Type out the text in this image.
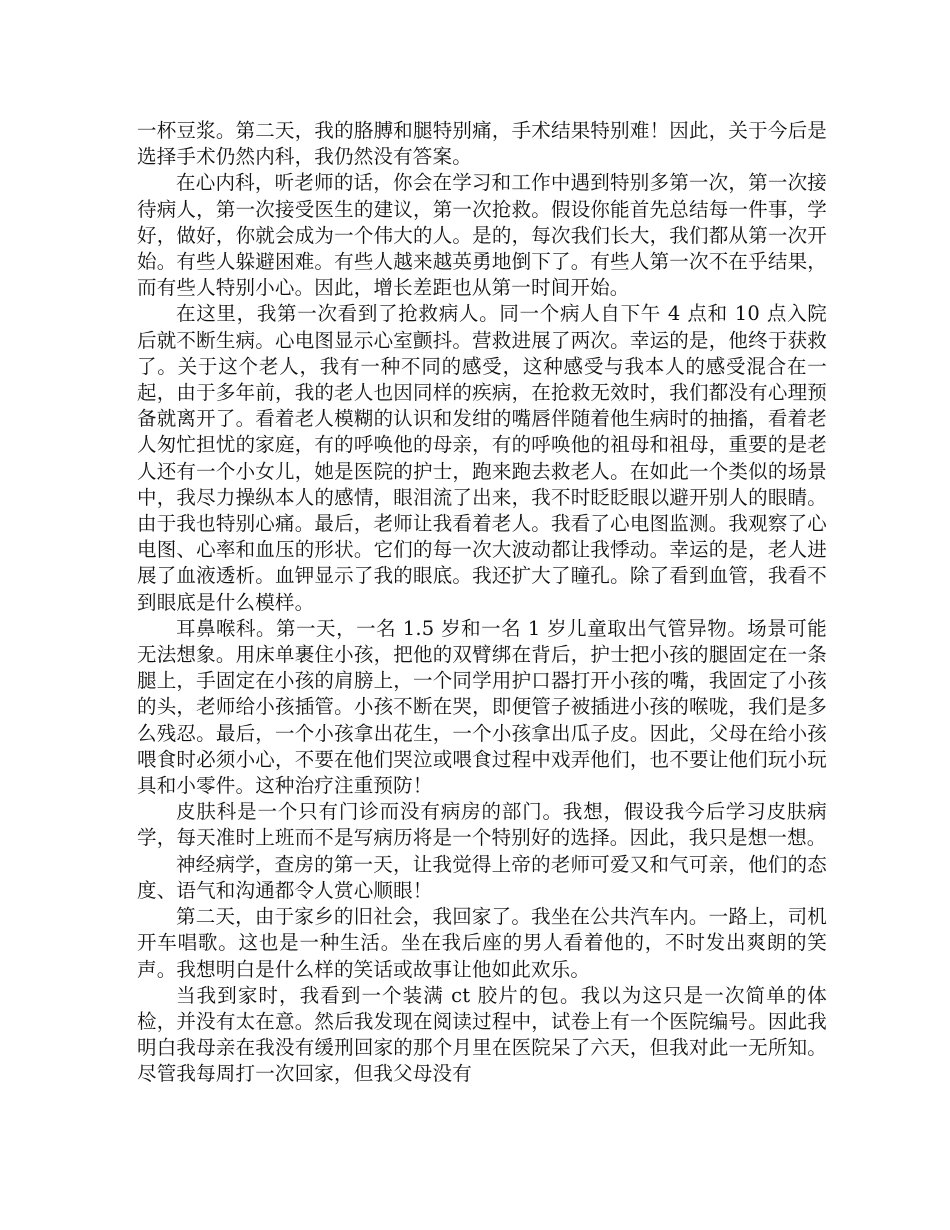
一杯豆浆。第二天，我的胳膊和腿特别痛，手术结果特别难！因此，关于今后是选择手术仍然内科，我仍然没有答案。

在心内科，听老师的话，你会在学习和工作中遇到特别多第一次，第一次接待病人，第一次接受医生的建议，第一次抢救。假设你能首先总结每一件事，学好，做好，你就会成为一个伟大的人。是的，每次我们长大，我们都从第一次开始。有些人躲避困难。有些人越来越英勇地倒下了。有些人第一次不在乎结果，而有些人特别小心。因此，增长差距也从第一时间开始。

在这里，我第一次看到了抢救病人。同一个病人自下午 4 点和 10 点入院后就不断生病。心电图显示心室颤抖。营救进展了两次。幸运的是，他终于获救了。关于这个老人，我有一种不同的感受，这种感受与我本人的感受混合在一起，由于多年前，我的老人也因同样的疾病，在抢救无效时，我们都没有心理预备就离开了。看着老人模糊的认识和发绀的嘴唇伴随着他生病时的抽搐，看着老人匆忙担忧的家庭，有的呼唤他的母亲，有的呼唤他的祖母和祖母，重要的是老人还有一个小女儿，她是医院的护士，跑来跑去救老人。在如此一个类似的场景中，我尽力操纵本人的感情，眼泪流了出来，我不时眨眨眼以避开别人的眼睛。由于我也特别心痛。最后，老师让我看着老人。我看了心电图监测。我观察了心电图、心率和血压的形状。它们的每一次大波动都让我悸动。幸运的是，老人进展了血液透析。血钾显示了我的眼底。我还扩大了瞳孔。除了看到血管，我看不到眼底是什么模样。

耳鼻喉科。第一天，一名 1.5 岁和一名 1 岁儿童取出气管异物。场景可能无法想象。用床单裹住小孩，把他的双臂绑在背后，护士把小孩的腿固定在一条腿上，手固定在小孩的肩膀上，一个同学用护口器打开小孩的嘴，我固定了小孩的头，老师给小孩插管。小孩不断在哭，即便管子被插进小孩的喉咙，我们是多么残忍。最后，一个小孩拿出花生，一个小孩拿出瓜子皮。因此，父母在给小孩喂食时必须小心，不要在他们哭泣或喂食过程中戏弄他们，也不要让他们玩小玩具和小零件。这种治疗注重预防！

皮肤科是一个只有门诊而没有病房的部门。我想，假设我今后学习皮肤病学，每天准时上班而不是写病历将是一个特别好的选择。因此，我只是想一想。

神经病学，查房的第一天，让我觉得上帝的老师可爱又和气可亲，他们的态度、语气和沟通都令人赏心顺眼！

第二天，由于家乡的旧社会，我回家了。我坐在公共汽车内。一路上，司机开车唱歌。这也是一种生活。坐在我后座的男人看着他的，不时发出爽朗的笑声。我想明白是什么样的笑话或故事让他如此欢乐。

当我到家时，我看到一个装满 ct 胶片的包。我以为这只是一次简单的体检，并没有太在意。然后我发现在阅读过程中，试卷上有一个医院编号。因此我明白我母亲在我没有缓刑回家的那个月里在医院呆了六天，但我对此一无所知。尽管我每周打一次回家，但我父母没有
